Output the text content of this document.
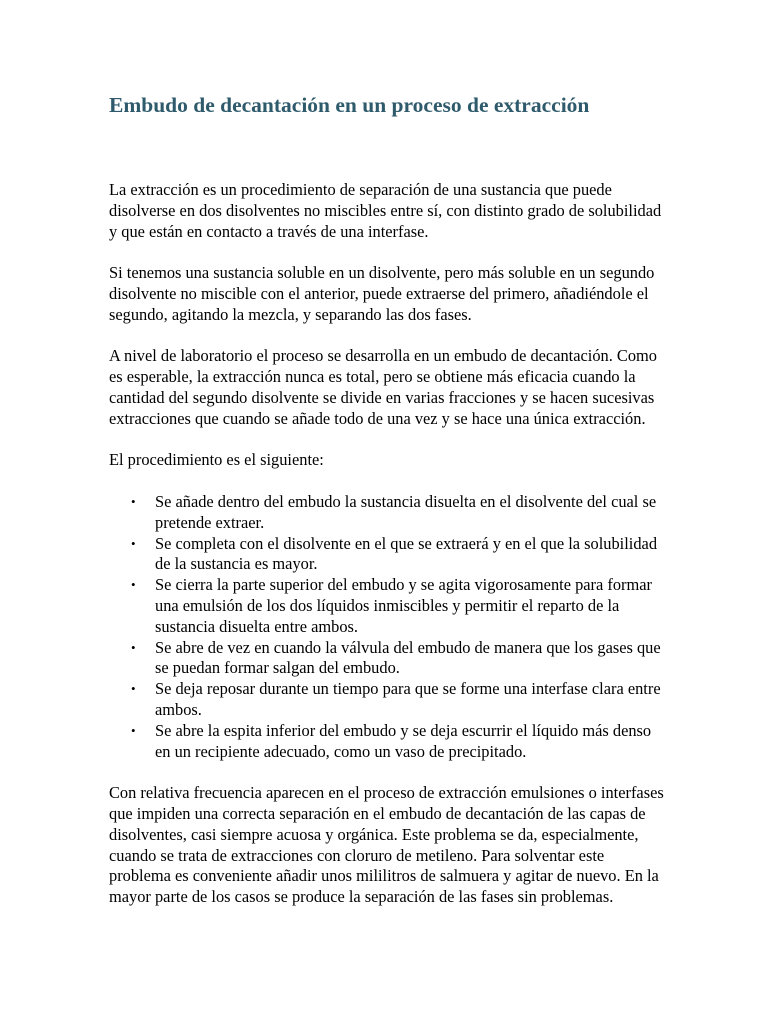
Embudo de decantación en un proceso de extracción

La extracción es un procedimiento de separación de una sustancia que puede disolverse en dos disolventes no miscibles entre sí, con distinto grado de solubilidad y que están en contacto a través de una interfase.

Si tenemos una sustancia soluble en un disolvente, pero más soluble en un segundo disolvente no miscible con el anterior, puede extraerse del primero, añadiéndole el segundo, agitando la mezcla, y separando las dos fases.

A nivel de laboratorio el proceso se desarrolla en un embudo de decantación. Como es esperable, la extracción nunca es total, pero se obtiene más eficacia cuando la cantidad del segundo disolvente se divide en varias fracciones y se hacen sucesivas extracciones que cuando se añade todo de una vez y se hace una única extracción.

El procedimiento es el siguiente:

• Se añade dentro del embudo la sustancia disuelta en el disolvente del cual se pretende extraer.
• Se completa con el disolvente en el que se extraerá y en el que la solubilidad de la sustancia es mayor.
• Se cierra la parte superior del embudo y se agita vigorosamente para formar una emulsión de los dos líquidos inmiscibles y permitir el reparto de la sustancia disuelta entre ambos.
• Se abre de vez en cuando la válvula del embudo de manera que los gases que se puedan formar salgan del embudo.
• Se deja reposar durante un tiempo para que se forme una interfase clara entre ambos.
• Se abre la espita inferior del embudo y se deja escurrir el líquido más denso en un recipiente adecuado, como un vaso de precipitado.

Con relativa frecuencia aparecen en el proceso de extracción emulsiones o interfases que impiden una correcta separación en el embudo de decantación de las capas de disolventes, casi siempre acuosa y orgánica. Este problema se da, especialmente, cuando se trata de extracciones con cloruro de metileno. Para solventar este problema es conveniente añadir unos mililitros de salmuera y agitar de nuevo. En la mayor parte de los casos se produce la separación de las fases sin problemas.
